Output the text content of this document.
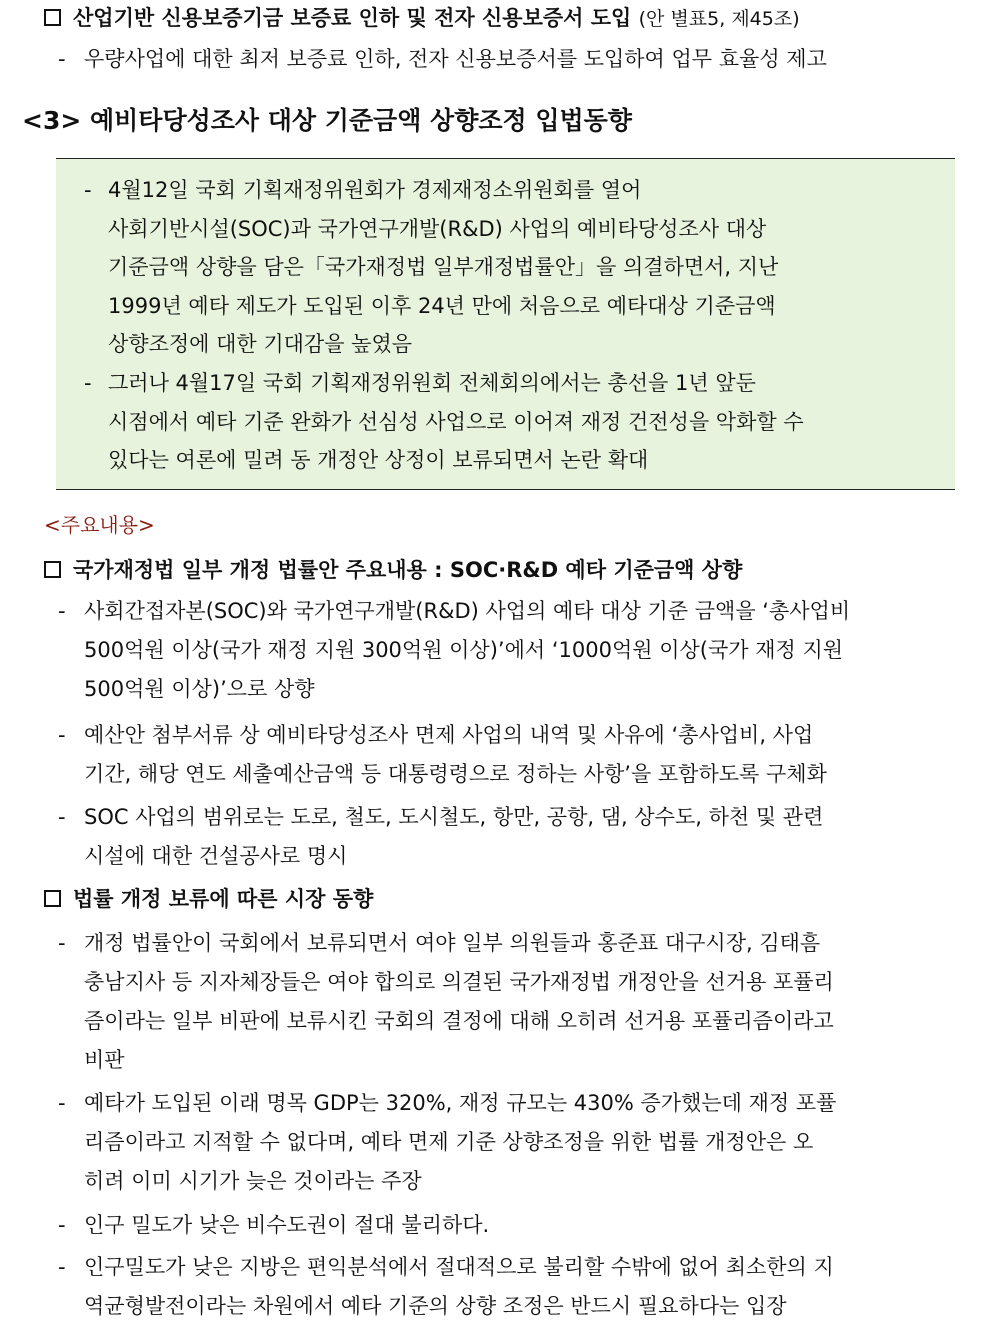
산업기반 신용보증기금 보증료 인하 및 전자 신용보증서 도입 (안 별표5, 제45조)
- 우량사업에 대한 최저 보증료 인하, 전자 신용보증서를 도입하여 업무 효율성 제고
<3> 예비타당성조사 대상 기준금액 상향조정 입법동향
- 4월12일 국회 기획재정위원회가 경제재정소위원회를 열어
사회기반시설(SOC)과 국가연구개발(R&D) 사업의 예비타당성조사 대상
기준금액 상향을 담은「국가재정법 일부개정법률안」을 의결하면서, 지난
1999년 예타 제도가 도입된 이후 24년 만에 처음으로 예타대상 기준금액
상향조정에 대한 기대감을 높였음
- 그러나 4월17일 국회 기획재정위원회 전체회의에서는 총선을 1년 앞둔
시점에서 예타 기준 완화가 선심성 사업으로 이어져 재정 건전성을 악화할 수
있다는 여론에 밀려 동 개정안 상정이 보류되면서 논란 확대
<주요내용>
국가재정법 일부 개정 법률안 주요내용 : SOC·R&D 예타 기준금액 상향
- 사회간접자본(SOC)와 국가연구개발(R&D) 사업의 예타 대상 기준 금액을 ‘총사업비
500억원 이상(국가 재정 지원 300억원 이상)’에서 ‘1000억원 이상(국가 재정 지원
500억원 이상)’으로 상향
- 예산안 첨부서류 상 예비타당성조사 면제 사업의 내역 및 사유에 ‘총사업비, 사업
기간, 해당 연도 세출예산금액 등 대통령령으로 정하는 사항’을 포함하도록 구체화
- SOC 사업의 범위로는 도로, 철도, 도시철도, 항만, 공항, 댐, 상수도, 하천 및 관련
시설에 대한 건설공사로 명시
법률 개정 보류에 따른 시장 동향
- 개정 법률안이 국회에서 보류되면서 여야 일부 의원들과 홍준표 대구시장, 김태흠
충남지사 등 지자체장들은 여야 합의로 의결된 국가재정법 개정안을 선거용 포퓰리
즘이라는 일부 비판에 보류시킨 국회의 결정에 대해 오히려 선거용 포퓰리즘이라고
비판
- 예타가 도입된 이래 명목 GDP는 320%, 재정 규모는 430% 증가했는데 재정 포퓰
리즘이라고 지적할 수 없다며, 예타 면제 기준 상향조정을 위한 법률 개정안은 오
히려 이미 시기가 늦은 것이라는 주장
- 인구 밀도가 낮은 비수도권이 절대 불리하다.
- 인구밀도가 낮은 지방은 편익분석에서 절대적으로 불리할 수밖에 없어 최소한의 지
역균형발전이라는 차원에서 예타 기준의 상향 조정은 반드시 필요하다는 입장
